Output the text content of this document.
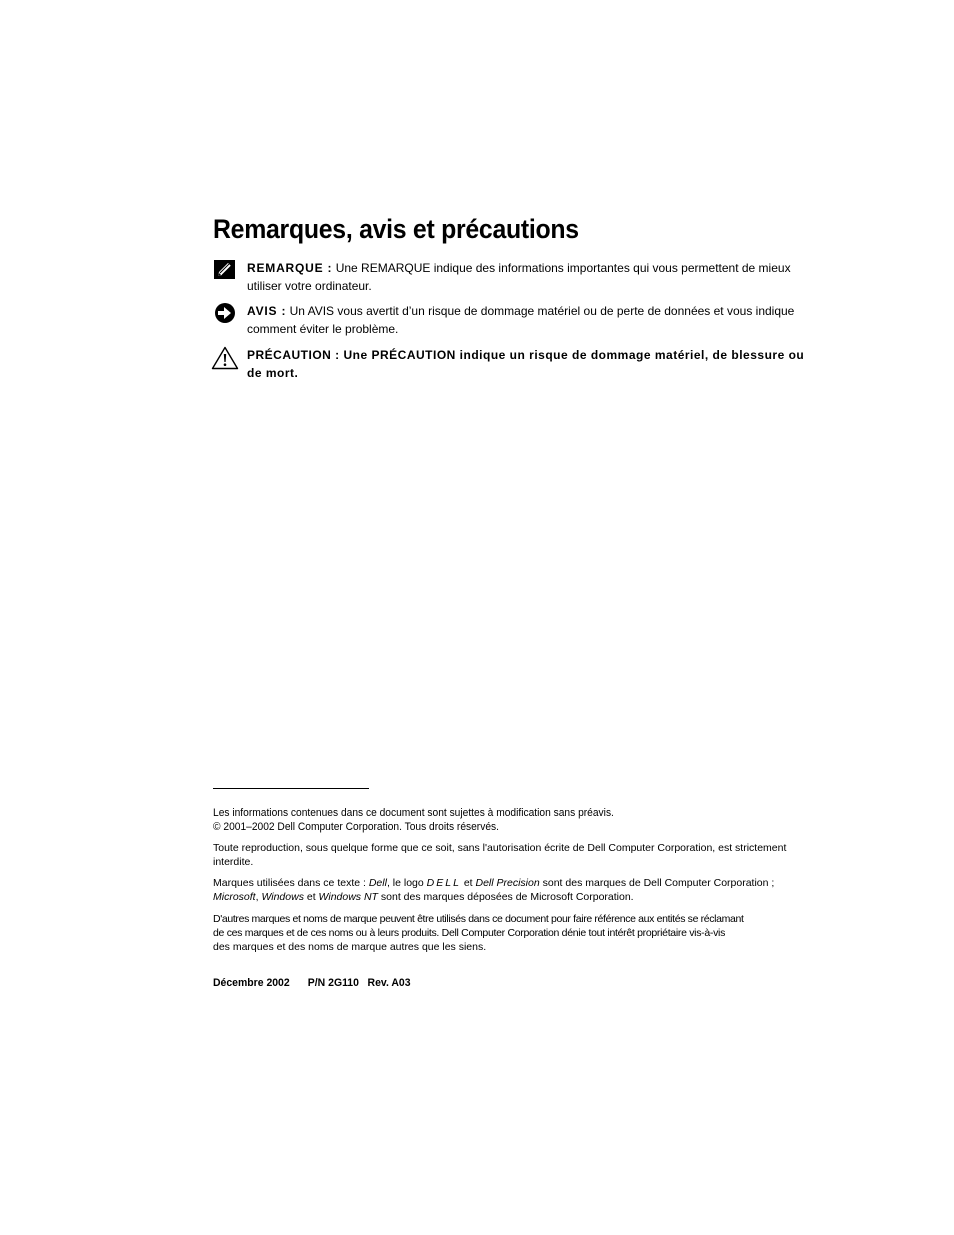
Remarques, avis et précautions
REMARQUE : Une REMARQUE indique des informations importantes qui vous permettent de mieux utiliser votre ordinateur.
AVIS : Un AVIS vous avertit d’un risque de dommage matériel ou de perte de données et vous indique comment éviter le problème.
PRÉCAUTION : Une PRÉCAUTION indique un risque de dommage matériel, de blessure ou de mort.
Les informations contenues dans ce document sont sujettes à modification sans préavis.
© 2001–2002 Dell Computer Corporation. Tous droits réservés.
Toute reproduction, sous quelque forme que ce soit, sans l'autorisation écrite de Dell Computer Corporation, est strictement interdite.
Marques utilisées dans ce texte : Dell, le logo DELL et Dell Precision sont des marques de Dell Computer Corporation ; Microsoft, Windows et Windows NT sont des marques déposées de Microsoft Corporation.
D'autres marques et noms de marque peuvent être utilisés dans ce document pour faire référence aux entités se réclamant
de ces marques et de ces noms ou à leurs produits. Dell Computer Corporation dénie tout intérêt propriétaire vis-à-vis
des marques et des noms de marque autres que les siens.
Décembre 2002 P/N 2G110 Rev. A03
